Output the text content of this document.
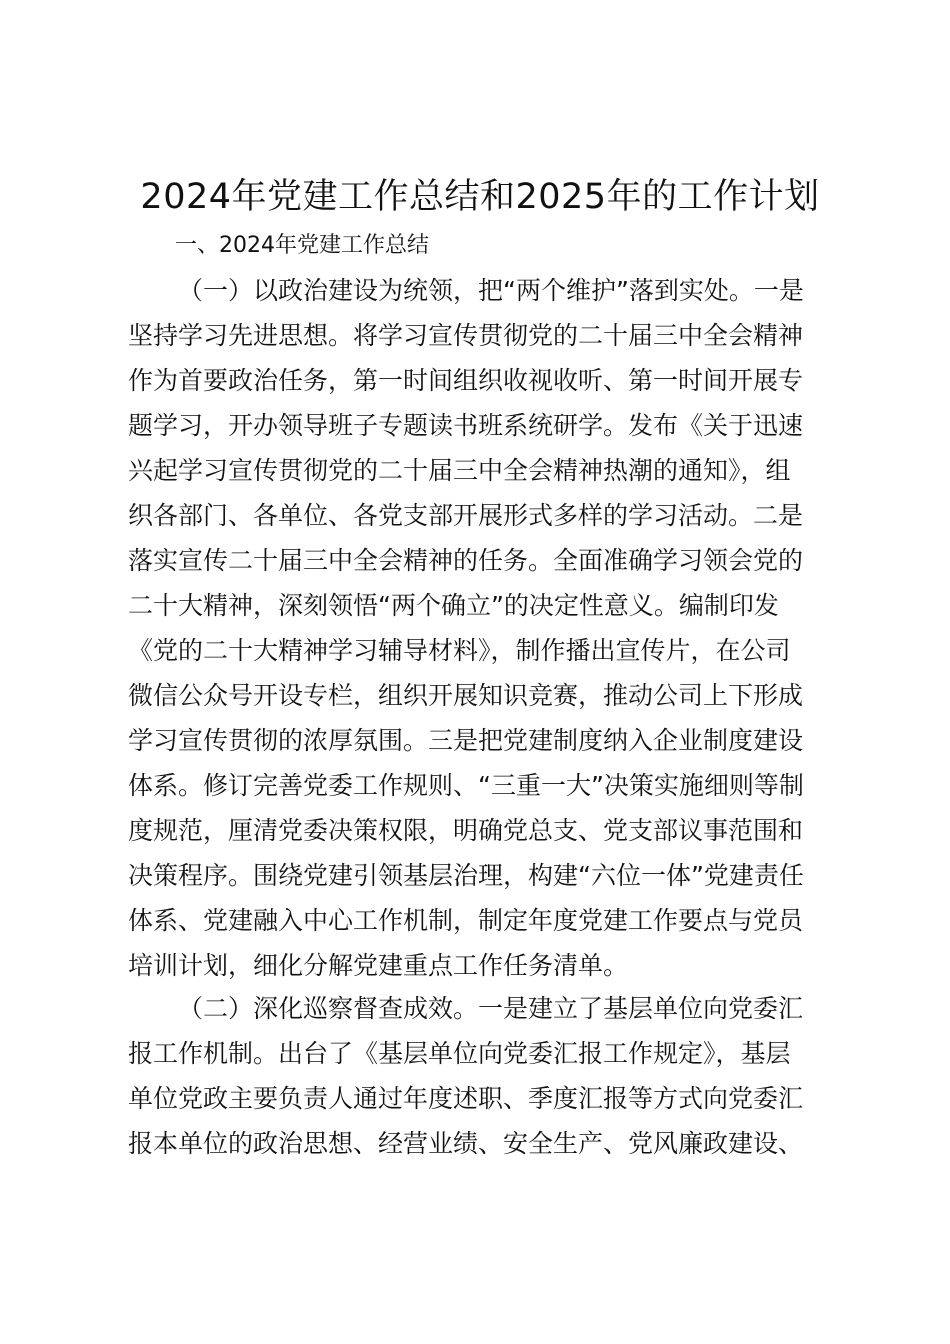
2024年党建工作总结和2025年的工作计划
一、2024年党建工作总结
（一）以政治建设为统领，把“两个维护”落到实处。一是
坚持学习先进思想。将学习宣传贯彻党的二十届三中全会精神
作为首要政治任务，第一时间组织收视收听、第一时间开展专
题学习，开办领导班子专题读书班系统研学。发布《关于迅速
兴起学习宣传贯彻党的二十届三中全会精神热潮的通知》，组
织各部门、各单位、各党支部开展形式多样的学习活动。二是
落实宣传二十届三中全会精神的任务。全面准确学习领会党的
二十大精神，深刻领悟“两个确立”的决定性意义。编制印发
《党的二十大精神学习辅导材料》，制作播出宣传片，在公司
微信公众号开设专栏，组织开展知识竞赛，推动公司上下形成
学习宣传贯彻的浓厚氛围。三是把党建制度纳入企业制度建设
体系。修订完善党委工作规则、“三重一大”决策实施细则等制
度规范，厘清党委决策权限，明确党总支、党支部议事范围和
决策程序。围绕党建引领基层治理，构建“六位一体”党建责任
体系、党建融入中心工作机制，制定年度党建工作要点与党员
培训计划，细化分解党建重点工作任务清单。
（二）深化巡察督查成效。一是建立了基层单位向党委汇
报工作机制。出台了《基层单位向党委汇报工作规定》，基层
单位党政主要负责人通过年度述职、季度汇报等方式向党委汇
报本单位的政治思想、经营业绩、安全生产、党风廉政建设、
